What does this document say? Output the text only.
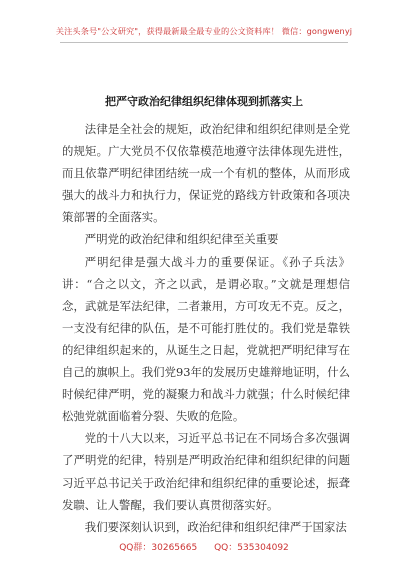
关注头条号"公文研究"，获得最新最全最专业的公文资料库！ 微信：gongwenyj
把严守政治纪律组织纪律体现到抓落实上

法律是全社会的规矩，政治纪律和组织纪律则是全党的规矩。广大党员不仅依靠模范地遵守法律体现先进性，而且依靠严明纪律团结统一成一个有机的整体，从而形成强大的战斗力和执行力，保证党的路线方针政策和各项决策部署的全面落实。

严明党的政治纪律和组织纪律至关重要

严明纪律是强大战斗力的重要保证。《孙子兵法》讲：“合之以文，齐之以武，是谓必取。”文就是理想信念，武就是军法纪律，二者兼用，方可攻无不克。反之，一支没有纪律的队伍，是不可能打胜仗的。我们党是靠铁的纪律组织起来的，从诞生之日起，党就把严明纪律写在自己的旗帜上。我们党93年的发展历史雄辩地证明，什么时候纪律严明，党的凝聚力和战斗力就强；什么时候纪律松弛党就面临着分裂、失败的危险。

党的十八大以来，习近平总书记在不同场合多次强调了严明党的纪律，特别是严明政治纪律和组织纪律的问题习近平总书记关于政治纪律和组织纪律的重要论述，振聋发聩、让人警醒，我们要认真贯彻落实好。

我们要深刻认识到，政治纪律和组织纪律严于国家法

QQ群：30265665 QQ：535304092
